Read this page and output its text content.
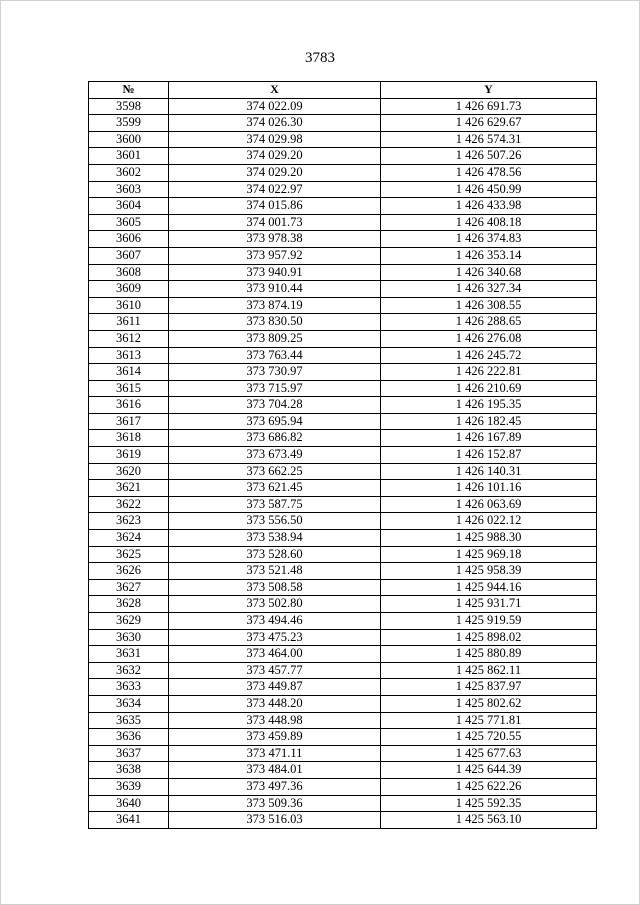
3783
№	X	Y
3598	374 022.09	1 426 691.73
3599	374 026.30	1 426 629.67
3600	374 029.98	1 426 574.31
3601	374 029.20	1 426 507.26
3602	374 029.20	1 426 478.56
3603	374 022.97	1 426 450.99
3604	374 015.86	1 426 433.98
3605	374 001.73	1 426 408.18
3606	373 978.38	1 426 374.83
3607	373 957.92	1 426 353.14
3608	373 940.91	1 426 340.68
3609	373 910.44	1 426 327.34
3610	373 874.19	1 426 308.55
3611	373 830.50	1 426 288.65
3612	373 809.25	1 426 276.08
3613	373 763.44	1 426 245.72
3614	373 730.97	1 426 222.81
3615	373 715.97	1 426 210.69
3616	373 704.28	1 426 195.35
3617	373 695.94	1 426 182.45
3618	373 686.82	1 426 167.89
3619	373 673.49	1 426 152.87
3620	373 662.25	1 426 140.31
3621	373 621.45	1 426 101.16
3622	373 587.75	1 426 063.69
3623	373 556.50	1 426 022.12
3624	373 538.94	1 425 988.30
3625	373 528.60	1 425 969.18
3626	373 521.48	1 425 958.39
3627	373 508.58	1 425 944.16
3628	373 502.80	1 425 931.71
3629	373 494.46	1 425 919.59
3630	373 475.23	1 425 898.02
3631	373 464.00	1 425 880.89
3632	373 457.77	1 425 862.11
3633	373 449.87	1 425 837.97
3634	373 448.20	1 425 802.62
3635	373 448.98	1 425 771.81
3636	373 459.89	1 425 720.55
3637	373 471.11	1 425 677.63
3638	373 484.01	1 425 644.39
3639	373 497.36	1 425 622.26
3640	373 509.36	1 425 592.35
3641	373 516.03	1 425 563.10
